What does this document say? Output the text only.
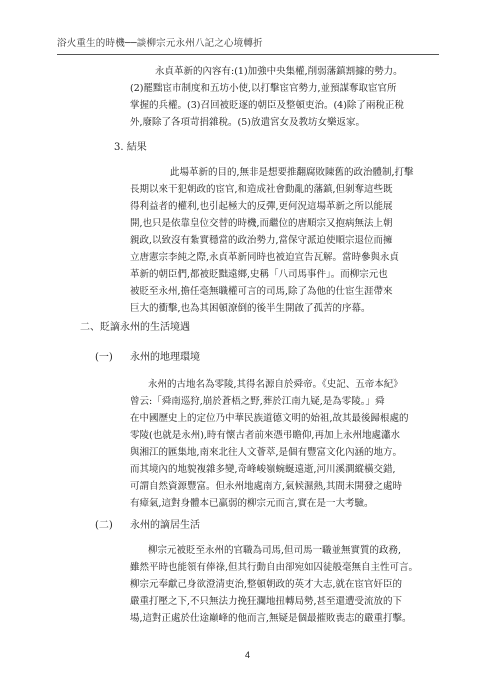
浴火重生的時機──談柳宗元永州八記之心境轉折
永貞革新的內容有:(1)加強中央集權,削弱藩鎮割據的勢力。
(2)罷黜宦市制度和五坊小使,以打擊宦官勢力,並預謀奪取宦官所
掌握的兵權。(3)召回被貶逐的朝臣及整頓吏治。(4)除了兩稅正稅
外,廢除了各項苛捐雜稅。(5)放遣宮女及教坊女樂返家。
3. 結果
此場革新的目的,無非是想要推翻腐敗陳舊的政治體制,打擊
長期以來干犯朝政的宦官,和造成社會動亂的藩鎮,但剝奪這些既
得利益者的權利,也引起極大的反彈,更何況這場革新之所以能展
開,也只是依靠皇位交替的時機,而繼位的唐順宗又抱病無法上朝
親政,以致沒有紮實穩當的政治勢力,當保守派迫使順宗退位而擁
立唐憲宗李純之際,永貞革新同時也被迫宣告瓦解。當時參與永貞
革新的朝臣們,都被貶黜遠鄉,史稱「八司馬事件」。而柳宗元也
被貶至永州,擔任毫無職權可言的司馬,除了為他的仕宦生涯帶來
巨大的衝擊,也為其困頓潦倒的後半生開啟了孤苦的序幕。
二、貶謫永州的生活境遇
(一) 永州的地理環境
永州的古地名為零陵,其得名源自於舜帝。《史記、五帝本紀》
曾云:「舜南巡狩,崩於蒼梧之野,葬於江南九疑,是為零陵。」舜
在中國歷史上的定位乃中華民族道德文明的始祖,故其最後歸根處的
零陵(也就是永州),時有懷古者前來憑弔瞻仰,再加上永州地處瀟水
與湘江的匯集地,南來北往人文薈萃,是個有豐富文化內涵的地方。
而其境內的地貌複雜多變,奇峰峻嶺蜿蜒遠逝,河川溪澗縱橫交錯,
可謂自然資源豐富。但永州地處南方,氣候濕熱,其間未開發之處時
有瘴氣,這對身體本已羸弱的柳宗元而言,實在是一大考驗。
(二) 永州的謫居生活
柳宗元被貶至永州的官職為司馬,但司馬一職並無實質的政務,
雖然平時也能領有俸祿,但其行動自由卻宛如囚徒般毫無自主性可言。
柳宗元奉獻己身欲澄清吏治,整頓朝政的英才大志,就在宦官奸臣的
嚴重打壓之下,不只無法力挽狂瀾地扭轉局勢,甚至還遭受流放的下
場,這對正處於仕途巔峰的他而言,無疑是個最摧敗喪志的嚴重打擊。
4
